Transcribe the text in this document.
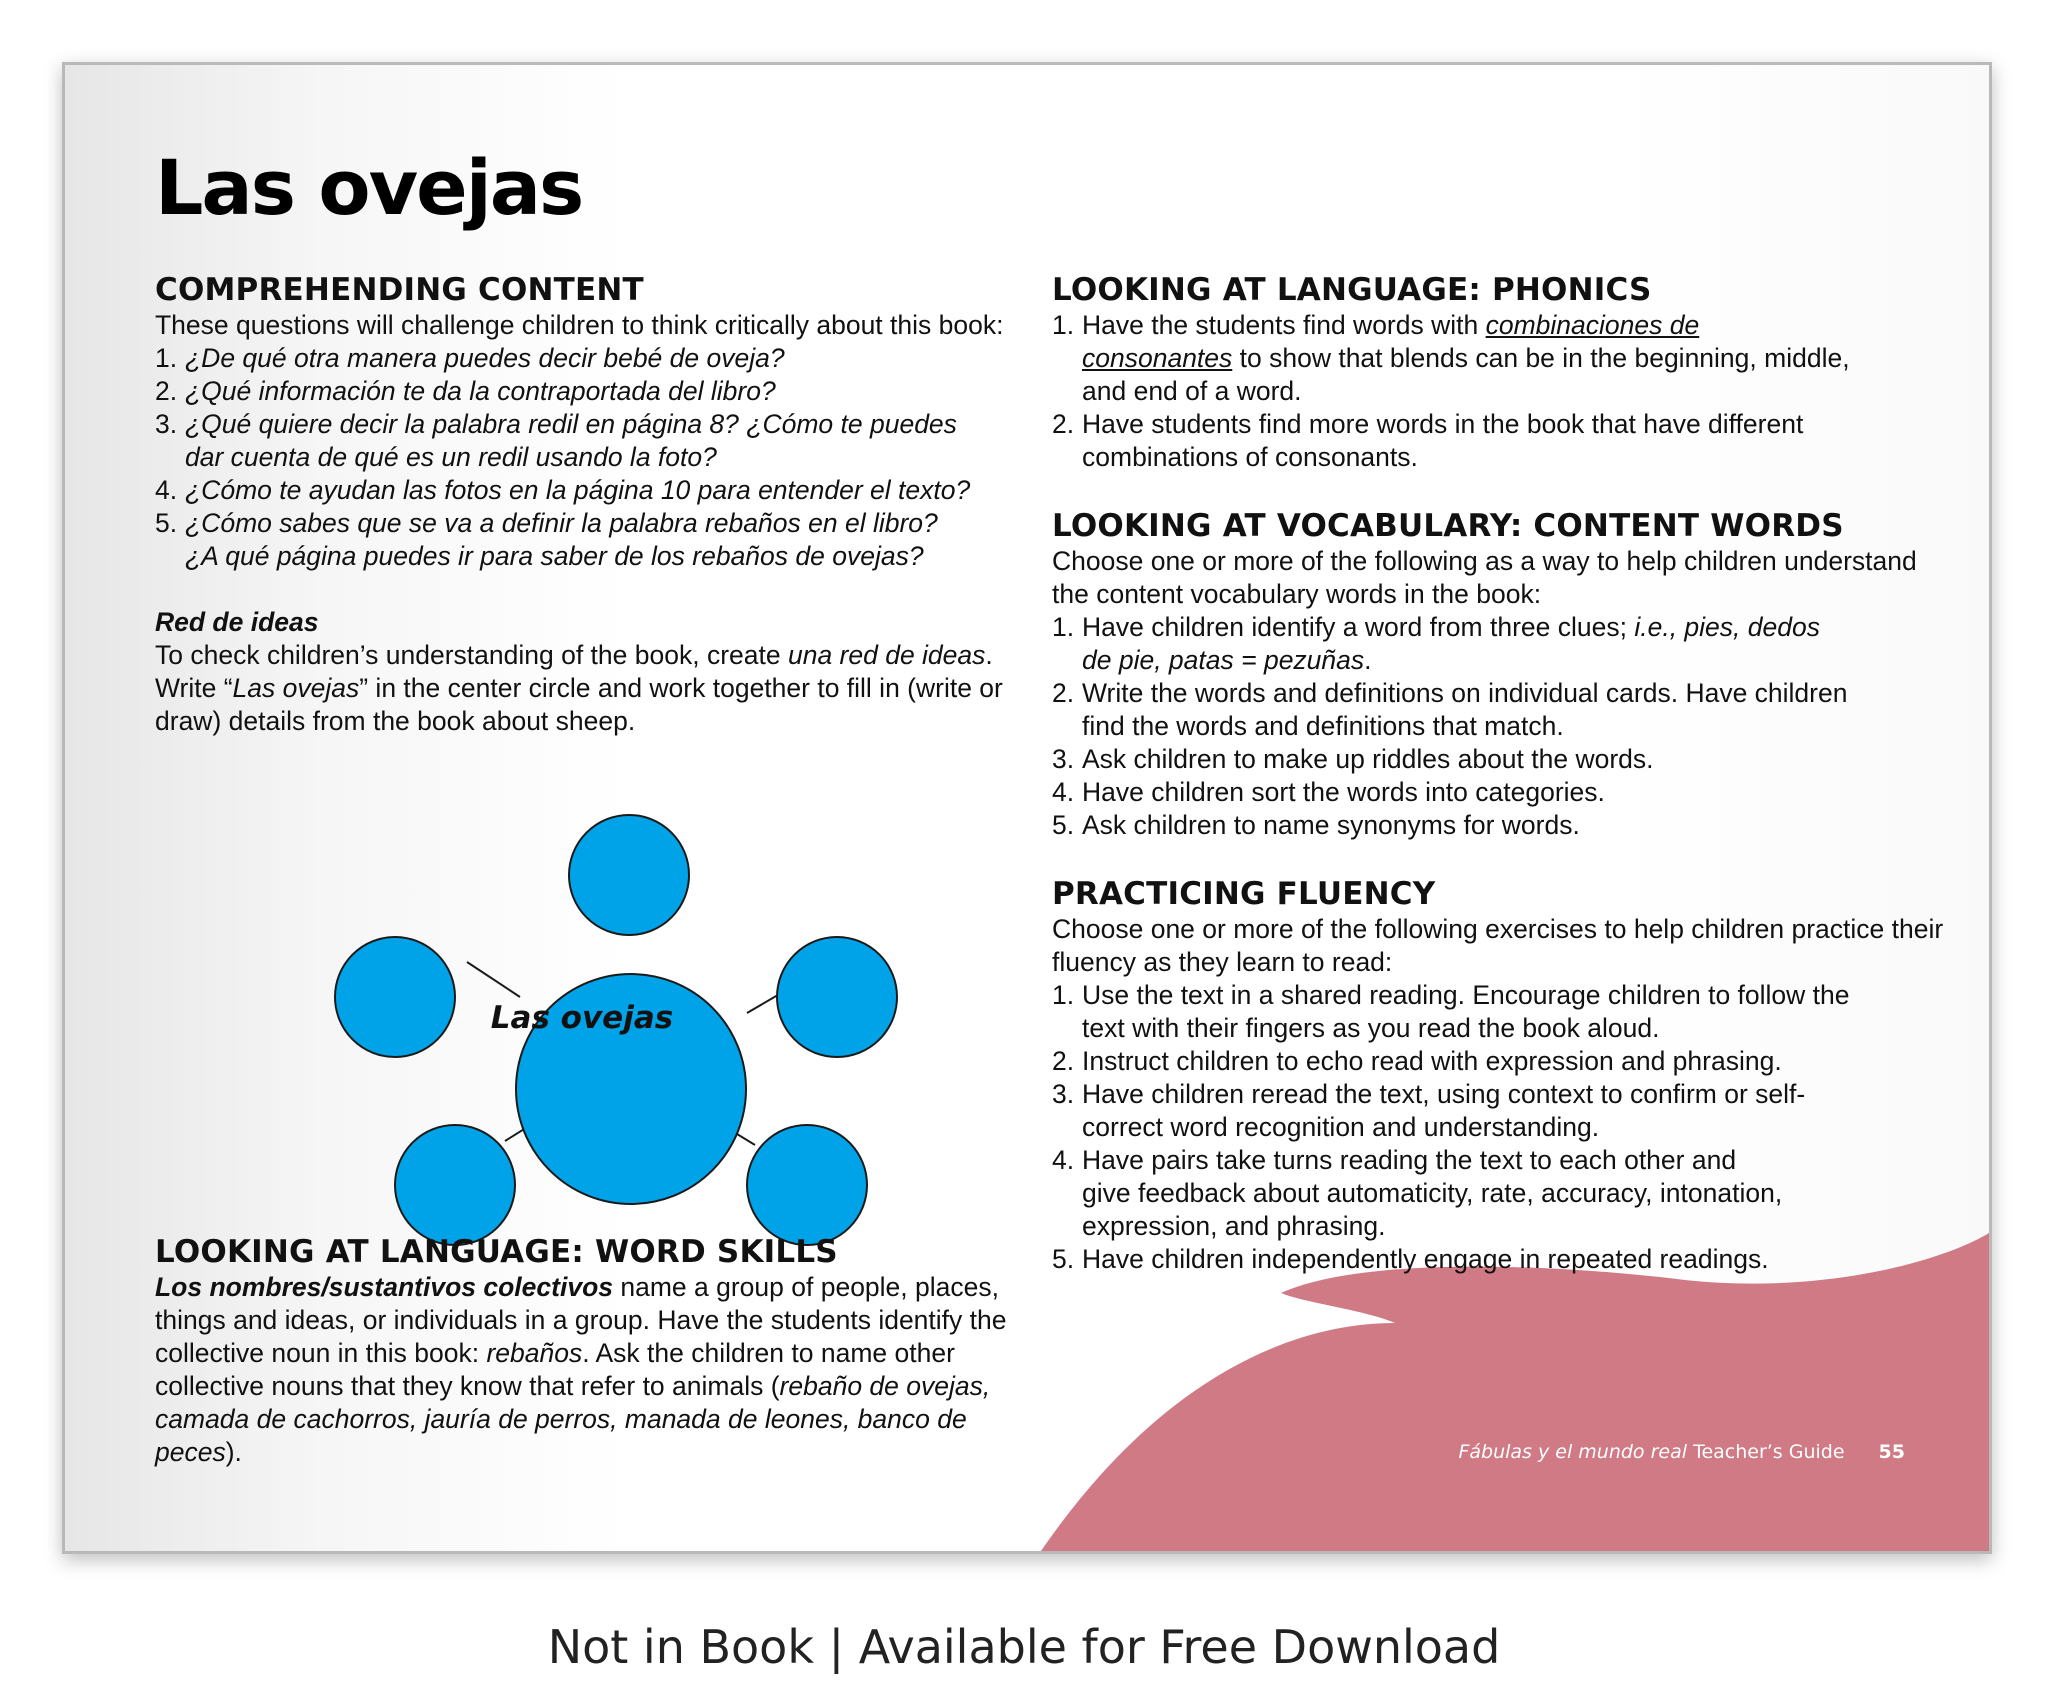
Las ovejas
COMPREHENDING CONTENT
These questions will challenge children to think critically about this book:
1. ¿De qué otra manera puedes decir bebé de oveja?
2. ¿Qué información te da la contraportada del libro?
3. ¿Qué quiere decir la palabra redil en página 8? ¿Cómo te puedes
dar cuenta de qué es un redil usando la foto?
4. ¿Cómo te ayudan las fotos en la página 10 para entender el texto?
5. ¿Cómo sabes que se va a definir la palabra rebaños en el libro?
¿A qué página puedes ir para saber de los rebaños de ovejas?
Red de ideas
To check children’s understanding of the book, create una red de ideas. Write “Las ovejas” in the center circle and work together to fill in (write or draw) details from the book about sheep.
Las ovejas
LOOKING AT LANGUAGE: WORD SKILLS
Los nombres/sustantivos colectivos name a group of people, places, things and ideas, or individuals in a group. Have the students identify the collective noun in this book: rebaños. Ask the children to name other collective nouns that they know that refer to animals (rebaño de ovejas, camada de cachorros, jauría de perros, manada de leones, banco de peces).
LOOKING AT LANGUAGE: PHONICS
1. Have the students find words with combinaciones de
consonantes to show that blends can be in the beginning, middle,
and end of a word.
2. Have students find more words in the book that have different
combinations of consonants.
LOOKING AT VOCABULARY: CONTENT WORDS
Choose one or more of the following as a way to help children understand the content vocabulary words in the book:
1. Have children identify a word from three clues; i.e., pies, dedos
de pie, patas = pezuñas.
2. Write the words and definitions on individual cards. Have children
find the words and definitions that match.
3. Ask children to make up riddles about the words.
4. Have children sort the words into categories.
5. Ask children to name synonyms for words.
PRACTICING FLUENCY
Choose one or more of the following exercises to help children practice their fluency as they learn to read:
1. Use the text in a shared reading. Encourage children to follow the
text with their fingers as you read the book aloud.
2. Instruct children to echo read with expression and phrasing.
3. Have children reread the text, using context to confirm or self-
correct word recognition and understanding.
4. Have pairs take turns reading the text to each other and
give feedback about automaticity, rate, accuracy, intonation,
expression, and phrasing.
5. Have children independently engage in repeated readings.
Fábulas y el mundo real Teacher’s Guide 55
Not in Book | Available for Free Download
